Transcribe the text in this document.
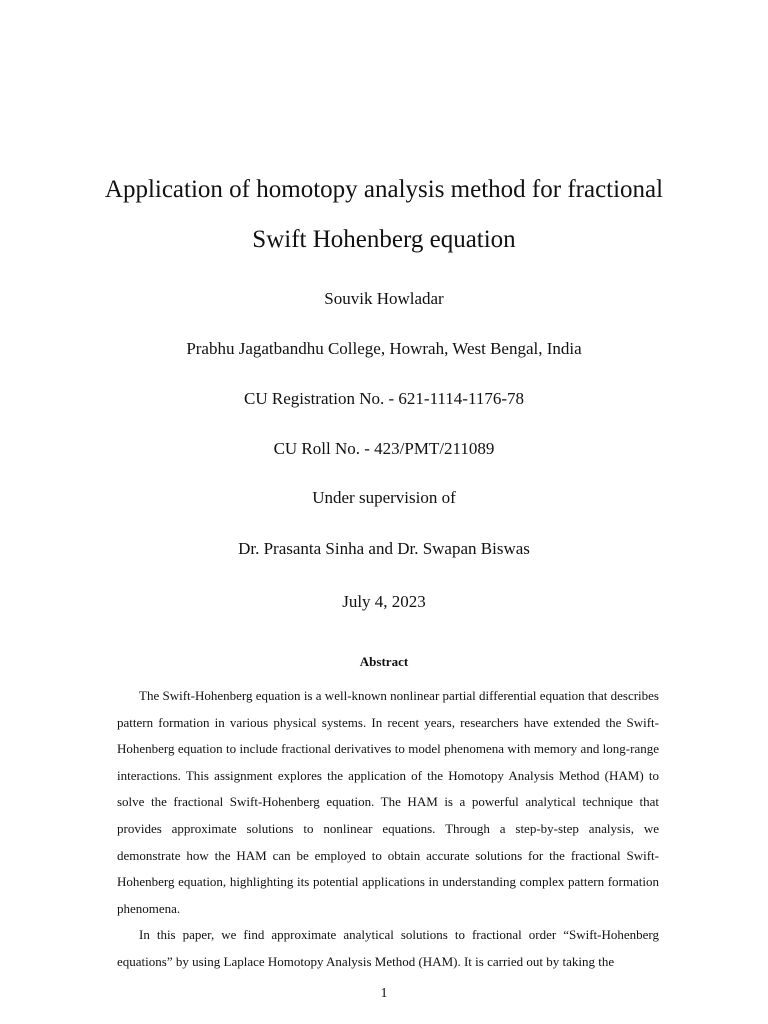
Application of homotopy analysis method for fractional
Swift Hohenberg equation
Souvik Howladar
Prabhu Jagatbandhu College, Howrah, West Bengal, India
CU Registration No. - 621-1114-1176-78
CU Roll No. - 423/PMT/211089
Under supervision of
Dr. Prasanta Sinha and Dr. Swapan Biswas
July 4, 2023
Abstract

The Swift-Hohenberg equation is a well-known nonlinear partial differential equation that describes pattern formation in various physical systems. In recent years, researchers have extended the Swift-Hohenberg equation to include fractional derivatives to model phenomena with memory and long-range interactions. This assignment explores the application of the Homotopy Analysis Method (HAM) to solve the fractional Swift-Hohenberg equation. The HAM is a powerful analytical technique that provides approximate solutions to nonlinear equations. Through a step-by-step analysis, we demonstrate how the HAM can be employed to obtain accurate solutions for the fractional Swift-Hohenberg equation, highlighting its potential applications in understanding complex pattern formation phenomena.

In this paper, we find approximate analytical solutions to fractional order “Swift-Hohenberg equations” by using Laplace Homotopy Analysis Method (HAM). It is carried out by taking the

1
